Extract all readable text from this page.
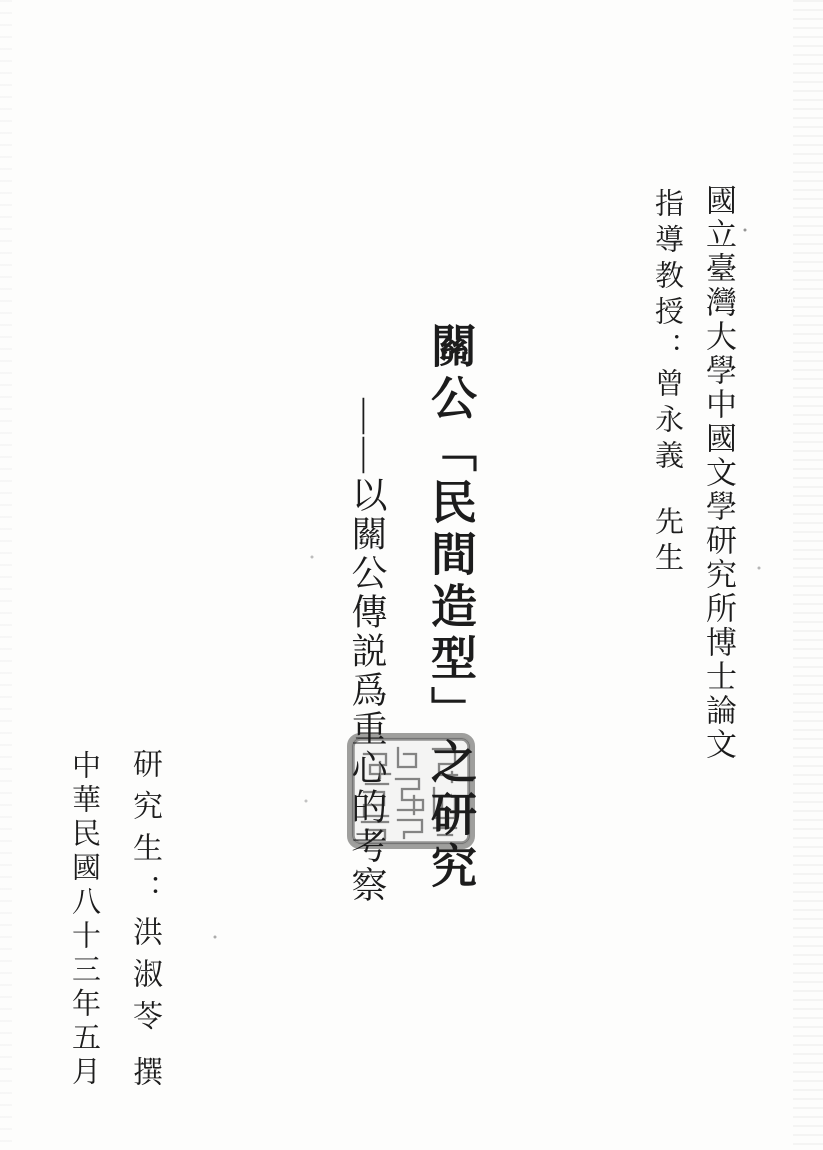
國立臺灣大學中國文學研究所博士論文
指導教授：曾永義先生
關公「民間造型」之研究
——以關公傳説爲重心的考察
研究生：洪淑苓撰
中華民國八十三年五月
